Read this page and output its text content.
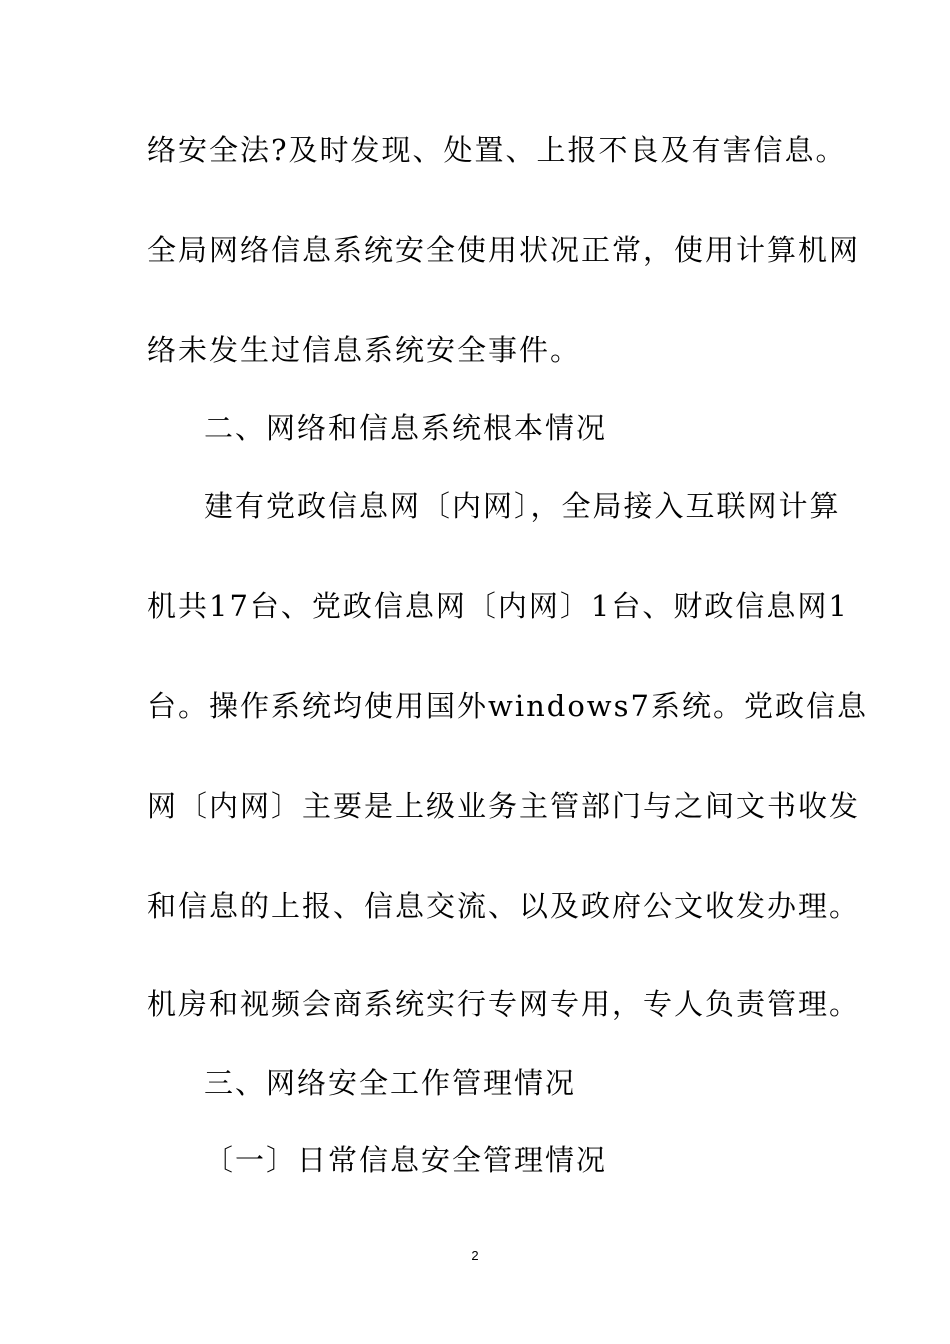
络安全法?及时发现、处置、上报不良及有害信息。
全局网络信息系统安全使用状况正常，使用计算机网
络未发生过信息系统安全事件。
二、网络和信息系统根本情况
建有党政信息网〔内网〕，全局接入互联网计算
机共17台、党政信息网〔内网〕1台、财政信息网1
台。操作系统均使用国外windows7系统。党政信息
网〔内网〕主要是上级业务主管部门与之间文书收发
和信息的上报、信息交流、以及政府公文收发办理。
机房和视频会商系统实行专网专用，专人负责管理。
三、网络安全工作管理情况
〔一〕日常信息安全管理情况
2
